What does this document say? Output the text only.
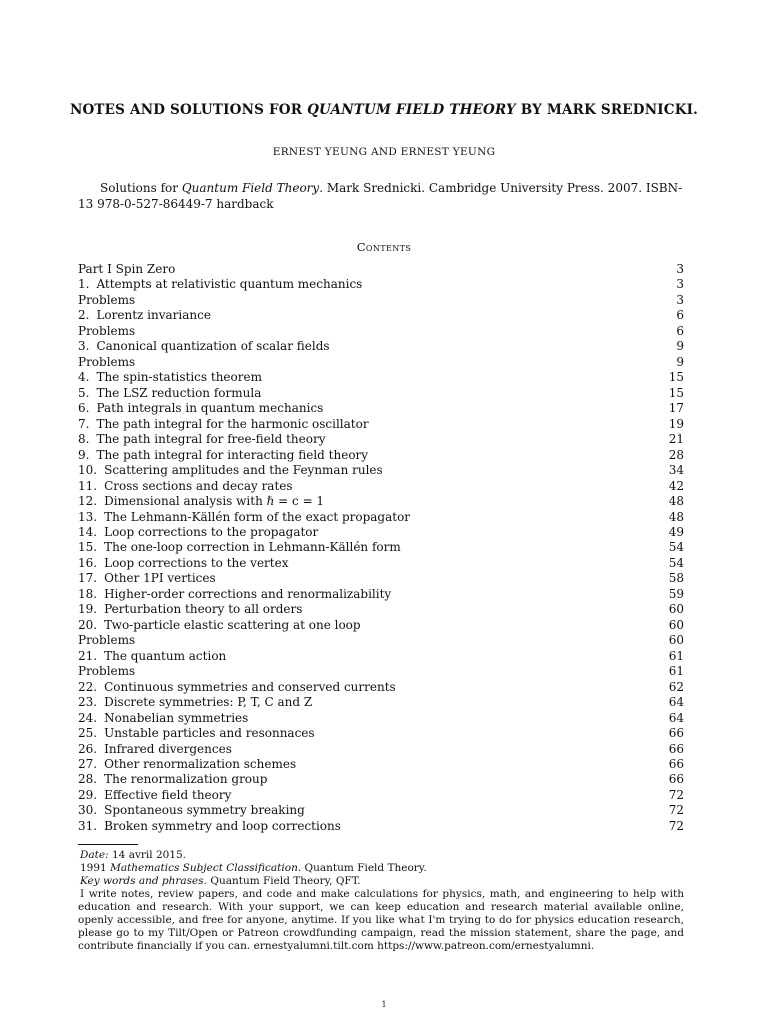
NOTES AND SOLUTIONS FOR QUANTUM FIELD THEORY BY MARK SREDNICKI.
ERNEST YEUNG AND ERNEST YEUNG

Solutions for Quantum Field Theory. Mark Srednicki. Cambridge University Press. 2007. ISBN-13 978-0-527-86449-7 hardback

Contents
Part I Spin Zero	3
1. Attempts at relativistic quantum mechanics	3
Problems	3
2. Lorentz invariance	6
Problems	6
3. Canonical quantization of scalar fields	9
Problems	9
4. The spin-statistics theorem	15
5. The LSZ reduction formula	15
6. Path integrals in quantum mechanics	17
7. The path integral for the harmonic oscillator	19
8. The path integral for free-field theory	21
9. The path integral for interacting field theory	28
10. Scattering amplitudes and the Feynman rules	34
11. Cross sections and decay rates	42
12. Dimensional analysis with ℏ = c = 1	48
13. The Lehmann-Källén form of the exact propagator	48
14. Loop corrections to the propagator	49
15. The one-loop correction in Lehmann-Källén form	54
16. Loop corrections to the vertex	54
17. Other 1PI vertices	58
18. Higher-order corrections and renormalizability	59
19. Perturbation theory to all orders	60
20. Two-particle elastic scattering at one loop	60
Problems	60
21. The quantum action	61
Problems	61
22. Continuous symmetries and conserved currents	62
23. Discrete symmetries: P, T, C and Z	64
24. Nonabelian symmetries	64
25. Unstable particles and resonnaces	66
26. Infrared divergences	66
27. Other renormalization schemes	66
28. The renormalization group	66
29. Effective field theory	72
30. Spontaneous symmetry breaking	72
31. Broken symmetry and loop corrections	72

Date: 14 avril 2015.

1991 Mathematics Subject Classification. Quantum Field Theory.

Key words and phrases. Quantum Field Theory, QFT.

I write notes, review papers, and code and make calculations for physics, math, and engineering to help with education and research. With your support, we can keep education and research material available online, openly accessible, and free for anyone, anytime. If you like what I'm trying to do for physics education research, please go to my Tilt/Open or Patreon crowdfunding campaign, read the mission statement, share the page, and contribute financially if you can. ernestyalumni.tilt.com https://www.patreon.com/ernestyalumni.

1
